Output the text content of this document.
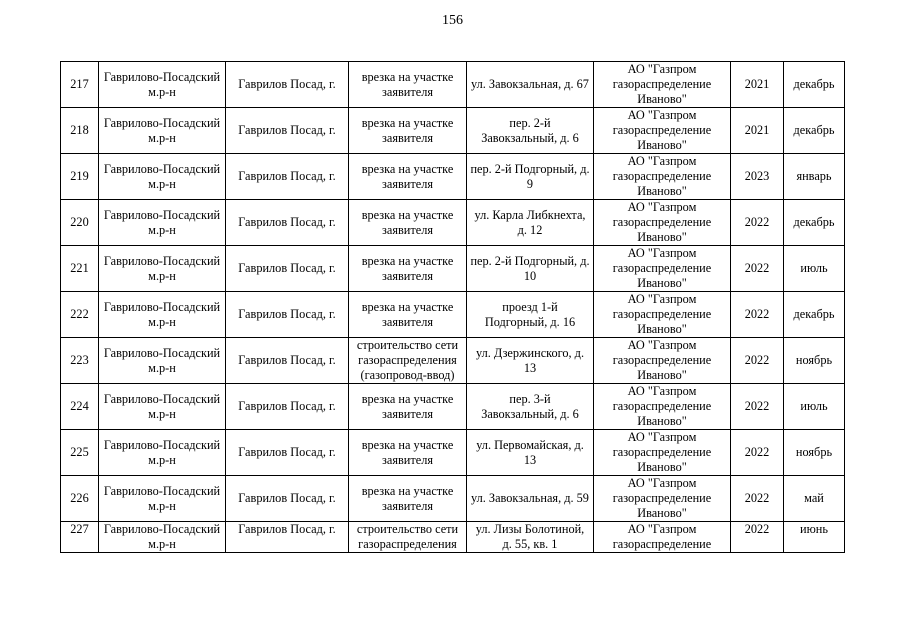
156
217	Гаврилово-Посадский м.р-н	Гаврилов Посад, г.	врезка на участке заявителя	ул. Завокзальная, д. 67	АО "Газпром газораспределение Иваново"	2021	декабрь
218	Гаврилово-Посадский м.р-н	Гаврилов Посад, г.	врезка на участке заявителя	пер. 2-й Завокзальный, д. 6	АО "Газпром газораспределение Иваново"	2021	декабрь
219	Гаврилово-Посадский м.р-н	Гаврилов Посад, г.	врезка на участке заявителя	пер. 2-й Подгорный, д. 9	АО "Газпром газораспределение Иваново"	2023	январь
220	Гаврилово-Посадский м.р-н	Гаврилов Посад, г.	врезка на участке заявителя	ул. Карла Либкнехта, д. 12	АО "Газпром газораспределение Иваново"	2022	декабрь
221	Гаврилово-Посадский м.р-н	Гаврилов Посад, г.	врезка на участке заявителя	пер. 2-й Подгорный, д. 10	АО "Газпром газораспределение Иваново"	2022	июль
222	Гаврилово-Посадский м.р-н	Гаврилов Посад, г.	врезка на участке заявителя	проезд 1-й Подгорный, д. 16	АО "Газпром газораспределение Иваново"	2022	декабрь
223	Гаврилово-Посадский м.р-н	Гаврилов Посад, г.	строительство сети газораспределения (газопровод-ввод)	ул. Дзержинского, д. 13	АО "Газпром газораспределение Иваново"	2022	ноябрь
224	Гаврилово-Посадский м.р-н	Гаврилов Посад, г.	врезка на участке заявителя	пер. 3-й Завокзальный, д. 6	АО "Газпром газораспределение Иваново"	2022	июль
225	Гаврилово-Посадский м.р-н	Гаврилов Посад, г.	врезка на участке заявителя	ул. Первомайская, д. 13	АО "Газпром газораспределение Иваново"	2022	ноябрь
226	Гаврилово-Посадский м.р-н	Гаврилов Посад, г.	врезка на участке заявителя	ул. Завокзальная, д. 59	АО "Газпром газораспределение Иваново"	2022	май
227	Гаврилово-Посадский м.р-н	Гаврилов Посад, г.	строительство сети газораспределения	ул. Лизы Болотиной, д. 55, кв. 1	АО "Газпром газораспределение	2022	июнь
